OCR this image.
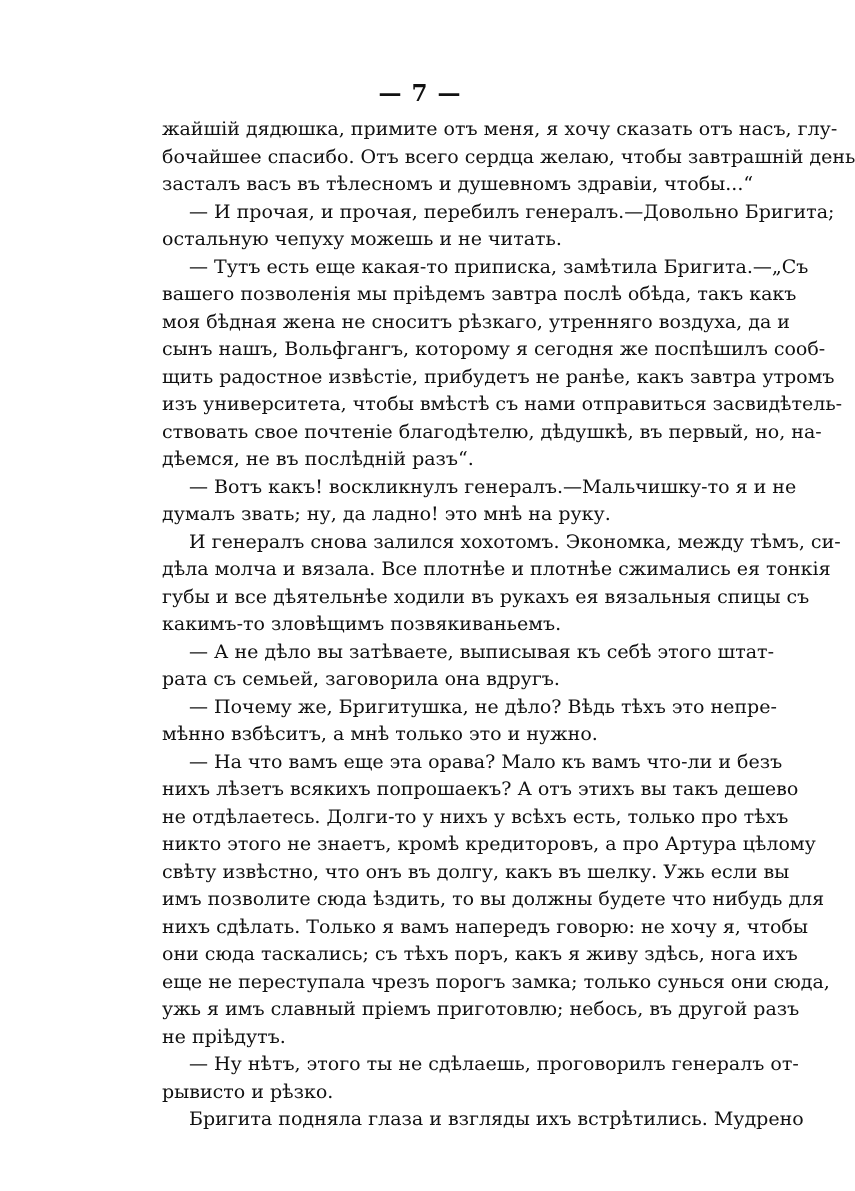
— 7 —
жайшій дядюшка, примите отъ меня, я хочу сказать отъ насъ, глу-
бочайшее спасибо. Отъ всего сердца желаю, чтобы завтрашній день
засталъ васъ въ тѣлесномъ и душевномъ здравіи, чтобы...“
— И прочая, и прочая, перебилъ генералъ.—Довольно Бригита;
остальную чепуху можешь и не читать.
— Тутъ есть еще какая-то приписка, замѣтила Бригита.—„Съ
вашего позволенія мы пріѣдемъ завтра послѣ обѣда, такъ какъ
моя бѣдная жена не сноситъ рѣзкаго, утренняго воздуха, да и
сынъ нашъ, Вольфгангъ, которому я сегодня же поспѣшилъ сооб-
щить радостное извѣстіе, прибудетъ не ранѣе, какъ завтра утромъ
изъ университета, чтобы вмѣстѣ съ нами отправиться засвидѣтель-
ствовать свое почтеніе благодѣтелю, дѣдушкѣ, въ первый, но, на-
дѣемся, не въ послѣдній разъ“.
— Вотъ какъ! воскликнулъ генералъ.—Мальчишку-то я и не
думалъ звать; ну, да ладно! это мнѣ на руку.
И генералъ снова залился хохотомъ. Экономка, между тѣмъ, си-
дѣла молча и вязала. Все плотнѣе и плотнѣе сжимались ея тонкія
губы и все дѣятельнѣе ходили въ рукахъ ея вязальныя спицы съ
какимъ-то зловѣщимъ позвякиваньемъ.
— А не дѣло вы затѣваете, выписывая къ себѣ этого штат-
рата съ семьей, заговорила она вдругъ.
— Почему же, Бригитушка, не дѣло? Вѣдь тѣхъ это непре-
мѣнно взбѣситъ, а мнѣ только это и нужно.
— На что вамъ еще эта орава? Мало къ вамъ что-ли и безъ
нихъ лѣзетъ всякихъ попрошаекъ? А отъ этихъ вы такъ дешево
не отдѣлаетесь. Долги-то у нихъ у всѣхъ есть, только про тѣхъ
никто этого не знаетъ, кромѣ кредиторовъ, а про Артура цѣлому
свѣту извѣстно, что онъ въ долгу, какъ въ шелку. Ужь если вы
имъ позволите сюда ѣздить, то вы должны будете что нибудь для
нихъ сдѣлать. Только я вамъ напередъ говорю: не хочу я, чтобы
они сюда таскались; съ тѣхъ поръ, какъ я живу здѣсь, нога ихъ
еще не переступала чрезъ порогъ замка; только сунься они сюда,
ужь я имъ славный пріемъ приготовлю; небось, въ другой разъ
не пріѣдутъ.
— Ну нѣтъ, этого ты не сдѣлаешь, проговорилъ генералъ от-
рывисто и рѣзко.
Бригита подняла глаза и взгляды ихъ встрѣтились. Мудрено
